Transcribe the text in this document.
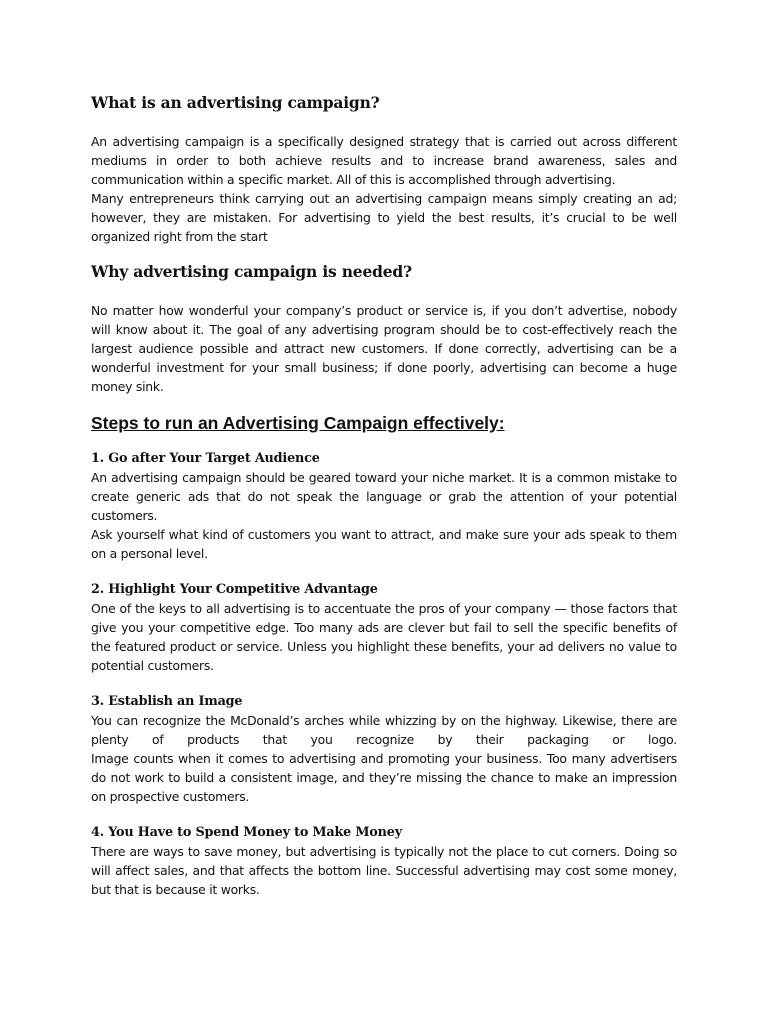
What is an advertising campaign?

An advertising campaign is a specifically designed strategy that is carried out across different mediums in order to both achieve results and to increase brand awareness, sales and communication within a specific market. All of this is accomplished through advertising.

Many entrepreneurs think carrying out an advertising campaign means simply creating an ad; however, they are mistaken. For advertising to yield the best results, it’s crucial to be well organized right from the start

Why advertising campaign is needed?

No matter how wonderful your company’s product or service is, if you don’t advertise, nobody will know about it. The goal of any advertising program should be to cost-effectively reach the largest audience possible and attract new customers. If done correctly, advertising can be a wonderful investment for your small business; if done poorly, advertising can become a huge money sink.

Steps to run an Advertising Campaign effectively:
1. Go after Your Target Audience

An advertising campaign should be geared toward your niche market. It is a common mistake to create generic ads that do not speak the language or grab the attention of your potential customers.

Ask yourself what kind of customers you want to attract, and make sure your ads speak to them on a personal level.

2. Highlight Your Competitive Advantage

One of the keys to all advertising is to accentuate the pros of your company — those factors that give you your competitive edge. Too many ads are clever but fail to sell the specific benefits of the featured product or service. Unless you highlight these benefits, your ad delivers no value to potential customers.

3. Establish an Image

You can recognize the McDonald’s arches while whizzing by on the highway. Likewise, there are plenty of products that you recognize by their packaging or logo.

Image counts when it comes to advertising and promoting your business. Too many advertisers do not work to build a consistent image, and they’re missing the chance to make an impression on prospective customers.

4. You Have to Spend Money to Make Money

There are ways to save money, but advertising is typically not the place to cut corners. Doing so will affect sales, and that affects the bottom line. Successful advertising may cost some money, but that is because it works.
